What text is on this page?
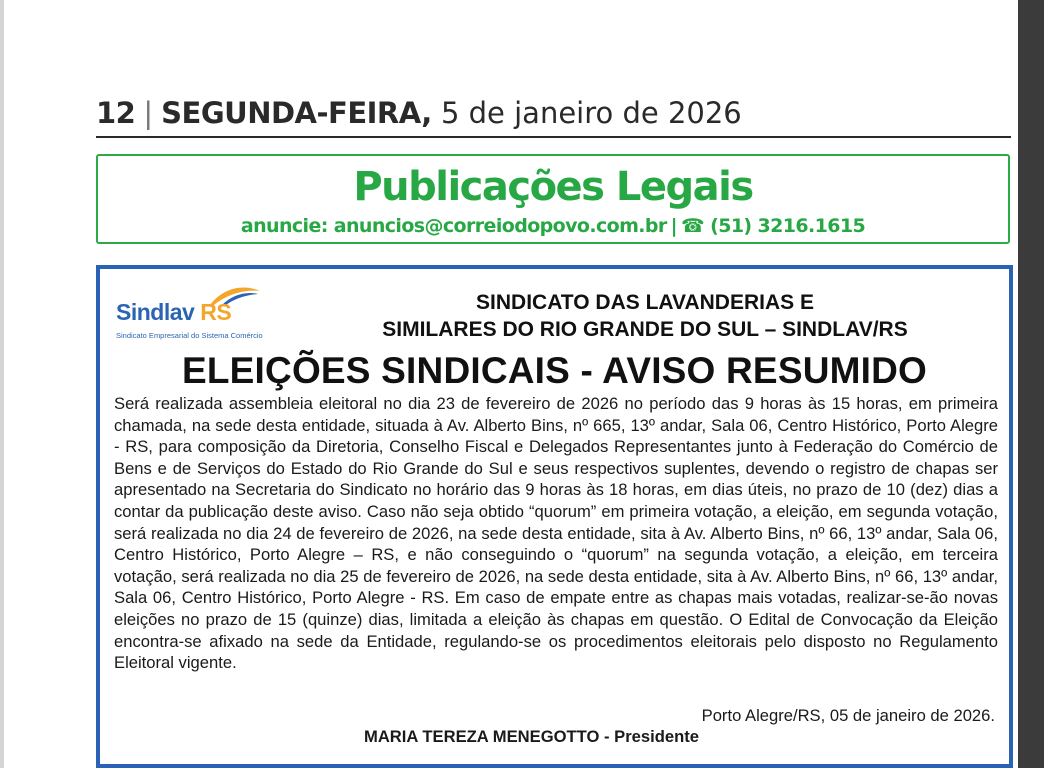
12 | SEGUNDA-FEIRA, 5 de janeiro de 2026
Publicações Legais
anuncie: anuncios@correiodopovo.com.br | ☎ (51) 3216.1615
Sindlav RS
Sindicato Empresarial do Sistema Comércio
SINDICATO DAS LAVANDERIAS E
SIMILARES DO RIO GRANDE DO SUL – SINDLAV/RS
ELEIÇÕES SINDICAIS - AVISO RESUMIDO
Será realizada assembleia eleitoral no dia 23 de fevereiro de 2026 no período das 9 horas às 15 horas, em primeira chamada, na sede desta entidade, situada à Av. Alberto Bins, nº 665, 13º andar, Sala 06, Centro Histórico, Porto Alegre - RS, para composição da Diretoria, Conselho Fiscal e Delegados Representantes junto à Federação do Comércio de Bens e de Serviços do Estado do Rio Grande do Sul e seus respectivos suplentes, devendo o registro de chapas ser apresentado na Secretaria do Sindicato no horário das 9 horas às 18 horas, em dias úteis, no prazo de 10 (dez) dias a contar da publicação deste aviso. Caso não seja obtido “quorum” em primeira votação, a eleição, em segunda votação, será realizada no dia 24 de fevereiro de 2026, na sede desta entidade, sita à Av. Alberto Bins, nº 66, 13º andar, Sala 06, Centro Histórico, Porto Alegre – RS, e não conseguindo o “quorum” na segunda votação, a eleição, em terceira votação, será realizada no dia 25 de fevereiro de 2026, na sede desta entidade, sita à Av. Alberto Bins, nº 66, 13º andar, Sala 06, Centro Histórico, Porto Alegre - RS. Em caso de empate entre as chapas mais votadas, realizar-se-ão novas eleições no prazo de 15 (quinze) dias, limitada a eleição às chapas em questão. O Edital de Convocação da Eleição encontra-se afixado na sede da Entidade, regulando-se os procedimentos eleitorais pelo disposto no Regulamento Eleitoral vigente.
Porto Alegre/RS, 05 de janeiro de 2026.
MARIA TEREZA MENEGOTTO - Presidente
